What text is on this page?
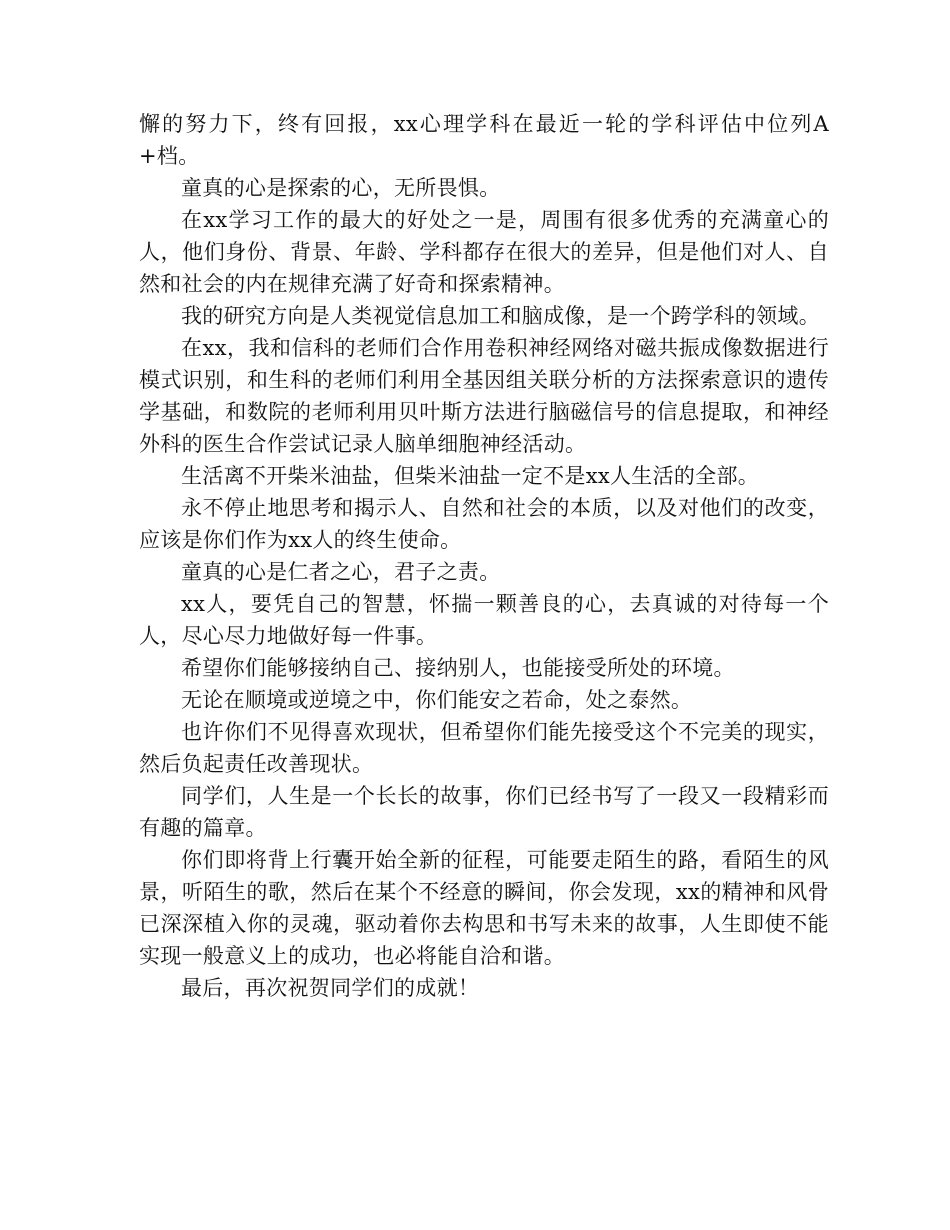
懈的努力下，终有回报，xx心理学科在最近一轮的学科评估中位列A+档。

童真的心是探索的心，无所畏惧。

在xx学习工作的最大的好处之一是，周围有很多优秀的充满童心的人，他们身份、背景、年龄、学科都存在很大的差异，但是他们对人、自然和社会的内在规律充满了好奇和探索精神。

我的研究方向是人类视觉信息加工和脑成像，是一个跨学科的领域。

在xx，我和信科的老师们合作用卷积神经网络对磁共振成像数据进行模式识别，和生科的老师们利用全基因组关联分析的方法探索意识的遗传学基础，和数院的老师利用贝叶斯方法进行脑磁信号的信息提取，和神经外科的医生合作尝试记录人脑单细胞神经活动。

生活离不开柴米油盐，但柴米油盐一定不是xx人生活的全部。

永不停止地思考和揭示人、自然和社会的本质，以及对他们的改变，应该是你们作为xx人的终生使命。

童真的心是仁者之心，君子之责。

xx人，要凭自己的智慧，怀揣一颗善良的心，去真诚的对待每一个人，尽心尽力地做好每一件事。

希望你们能够接纳自己、接纳别人，也能接受所处的环境。

无论在顺境或逆境之中，你们能安之若命，处之泰然。

也许你们不见得喜欢现状，但希望你们能先接受这个不完美的现实，然后负起责任改善现状。

同学们，人生是一个长长的故事，你们已经书写了一段又一段精彩而有趣的篇章。

你们即将背上行囊开始全新的征程，可能要走陌生的路，看陌生的风景，听陌生的歌，然后在某个不经意的瞬间，你会发现，xx的精神和风骨已深深植入你的灵魂，驱动着你去构思和书写未来的故事，人生即使不能实现一般意义上的成功，也必将能自洽和谐。

最后，再次祝贺同学们的成就！
